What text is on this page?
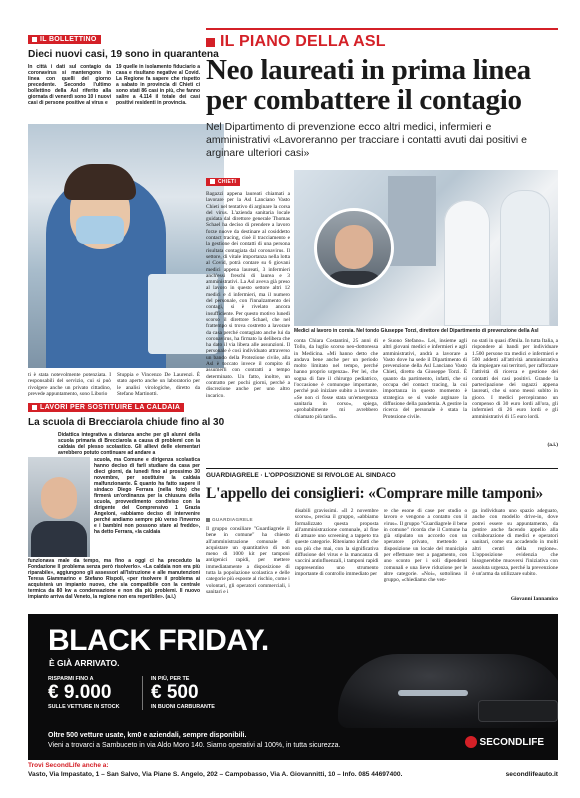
IL BOLLETTINO
Dieci nuovi casi, 19 sono in quarantena
In città i dati sul contagio da coronavirus si mantengono in linea con quelli del giorno precedente. Secondo l'ultimo bollettino della Asl riferito alla giornata di venerdì sono 10 i nuovi casi di persone positive al virus e
19 quelle in isolamento fiduciario a casa e risultano negative al Covid. La Regione fa sapere che rispetto a sabato in provincia di Chieti ci sono stati 86 casi in più, che fanno salire a 4.114 il totale dei casi positivi residenti in provincia.
ti è stata notevolmente potenziata. I responsabili del servizio, cui si può rivolgere anche un privato cittadino, prevede appuntamento, sono Liborio
Stuppia e Vincenzo De Laurenzi. È stato aperto anche un laboratorio per le analisi virologiche, diretto da Stefano Martinotti.
LAVORI PER SOSTITUIRE LA CALDAIA
La scuola di Brecciarola chiude fino al 30
Didattica integrativa a distanza anche per gli alunni della scuola primaria di Brecciarola a causa di problemi con la caldaia del plesso scolastico. Gli allievi delle elementari avrebbero potuto continuare ad andare a
scuola, ma Comune e dirigenza scolastica hanno deciso di farli studiare da casa per dieci giorni, da lunedì fino al prossimo 30 novembre, per sostituire la caldaia malfunzionante. È quanto ha fatto sapere il sindaco Diego Ferrara (nella foto) che firmerà un'ordinanza per la chiusura della scuola, provvedimento condiviso con la dirigente del Comprensivo 1 Grazia Angeloni, «abbiamo deciso di intervenire perché andiamo sempre più verso l'inverno e i bambini non possono stare al freddo», ha detto Ferrara, «la caldaia
funzionava male da tempo, ma fino a oggi ci ha preceduto la Fondazione Il problema senza però risolverlo». «La caldaia non era più riparabile», aggiungono gli assessori all'Istruzione e alle manutenzioni Teresa Giammarino e Stefano Rispoli, «per risolvere il problema ai acquisterà un impianto nuovo, che sia compatibile con la centrale termica da 80 kw a condensazione e non dia più problemi. Il nuovo impianto arriva dal Veneto, la regione non era reperibile». (a.i.)
IL PIANO DELLA ASL
Neo laureati in prima linea per combattere il contagio
Nel Dipartimento di prevenzione ecco altri medici, infermieri e amministrativi «Lavoreranno per tracciare i contatti avuti dai positivi e arginare ulteriori casi»
CHIETI
Bagazzi appena laureati chiamati a lavorare per la Asl Lanciano Vasto Chieti nel tentativo di arginare la corsa del virus. L'azienda sanitaria locale guidata dal direttore generale Thomas Schael ha deciso di prendere a lavoro forze nuove da destinare al cosiddetto contact tracing, cioè il tracciamento e la gestione dei contatti di una persona risultata contagiata dal coronavirus. Il settore, di vitale importanza nella lotta al Covid, potrà contare su 6 giovani medici appena laureati, 3 infermieri anch'essi freschi di laurea e 3 amministrativi. La Asl aveva già preso al lavoro in questo settore altri 12 medici e 4 infermieri, ma il numero del personale, con l'innalzamento dei contagi, si è rivelato ancora insufficiente. Per questo motivo lunedì scorso il direttore Schael, che nel frattempo si trova costretto a lavorare da casa perché contagiato anche lui da coronavirus, ha firmato la delibera che ha dato il via libera alle assunzioni. Il personale è così individuato attraverso un bando della Protezione civile, alla Asl è toccato invece il compito di assumerli con contratti a tempo determinato. Un fatto, inoltre, un contratto per pochi giorni, perché a discrezione anche per uno altro incarico.
Medici al lavoro in corsia. Nel tondo Giuseppe Torzi, direttore del Dipartimento di prevenzione della Asl
conta Chiara Costantini, 25 anni di Tollo, da luglio scorso neo-dottoressa in Medicina. «Mi hanno detto che andava bene anche per un periodo molto limitato nel tempo, perché hanno proprio urgenza». Per lei, che sogna di fare il chirurgo pediatrico, l'occasione è comunque importante, perché può iniziare subito a lavorare. «Se non ci fosse stata un'emergenza sanitaria in corso», spiega, «probabilmente mi avrebbero chiamato più tardi».
e Suono Stefano». Lei, insieme agli altri giovani medici e infermieri e agli amministrativi, andrà a lavorare a Vasto dove ha sede il Dipartimento di prevenzione della Asl Lanciano Vasto Chieti, diretto da Giuseppe Torzi. È quanto da partimento, infatti, che si occupa del contact tracing, la cui importanza in questo momento è strategica se si vuole arginare la diffusione della pandemia. A gestire la ricerca del personale è stata la Protezione civile.
no stati in quasi 49mila. In tutta Italia, a rispondere ai bandi per individuare 1.500 persone tra medici e infermieri e 500 addetti all'attività amministrativa da impiegare sui territori, per rafforzare l'attività di ricerca e gestione dei contatti dei casi positivi. Grande la partecipazione dei ragazzi appena laureati, che si sono messi subito in gioco. I medici percepiranno un compenso di 30 euro lordi all'ora, gli infermieri di 26 euro lordi e gli amministrativi di 15 euro lordi.
(a.i.)
GUARDIAGRELE · L'OPPOSIZIONE SI RIVOLGE AL SINDACO
L'appello dei consiglieri: «Comprare mille tamponi»
GUARDIAGRELE
Il gruppo consiliare "Guardiagrele il bene in comune" ha chiesto all'amministrazione comunale di acquistare un quantitativo di non meno di 1000 kit per tamponi antigenici rapidi, per mettere immediatamente a disposizione di tutta la popolazione scolastica e delle categorie più esposte al rischio, come i volontari, gli operatori commerciali, i sanitari e i
disabili gravissimi. «Il 2 novembre scorso», precisa il gruppo, «abbiamo formalizzato questa proposta all'amministrazione comunale, al fine di attuare uno screening a tappeto tra queste categorie. Riteniamo infatti che ora più che mai, con la significativa diffusione del virus e la mancanza di vaccini antinfluenzali, i tamponi rapidi rappresentino uno strumento importante di controllo immediato per
re che esone di case per studio o lavoro e vengono a contatto con il virus». Il gruppo "Guardiagrele il bene in comune" ricorda che il Comune ha già stipulato un accordo con un operatore privato, mettendo a disposizione un locale del municipio per effettuare test a pagamento, con uno sconto per i soli dipendenti comunali e una lieve riduzione per le altre categorie. «Noi», sottolinea il gruppo, «chiediamo che ven-
ga individuato uno spazio adeguato, anche con modello drive-in, dove potrei essere su appuntamento, da gestire anche facendo appello alla collaborazione di medici e operatori sanitari, come sta accadendo in molti altri centri della regione». L'opposizione evidenzia che bisognerebbe muoversi l'iniziativa con assoluta urgenza, perché la prevenzione è un'arma da utilizzare subito.
Giovanni Iannamico
BLACK FRIDAY.
È GIÀ ARRIVATO.
RISPARMI FINO A
€ 9.000
SULLE VETTURE IN STOCK
IN PIÙ, PER TE
€ 500
IN BUONI CARBURANTE
Oltre 500 vetture usate, km0 e aziendali, sempre disponibili.
Vieni a trovarci a Sambuceto in via Aldo Moro 140. Siamo operativi al 100%, in tutta sicurezza.	SECONDLIFE
Trovi SecondLife anche a:
Vasto, Via Impastato, 1 – San Salvo, Via Piane S. Angelo, 202 – Campobasso, Via A. Giovannitti, 10 – Info. 085 44697400.	secondlifeauto.it
